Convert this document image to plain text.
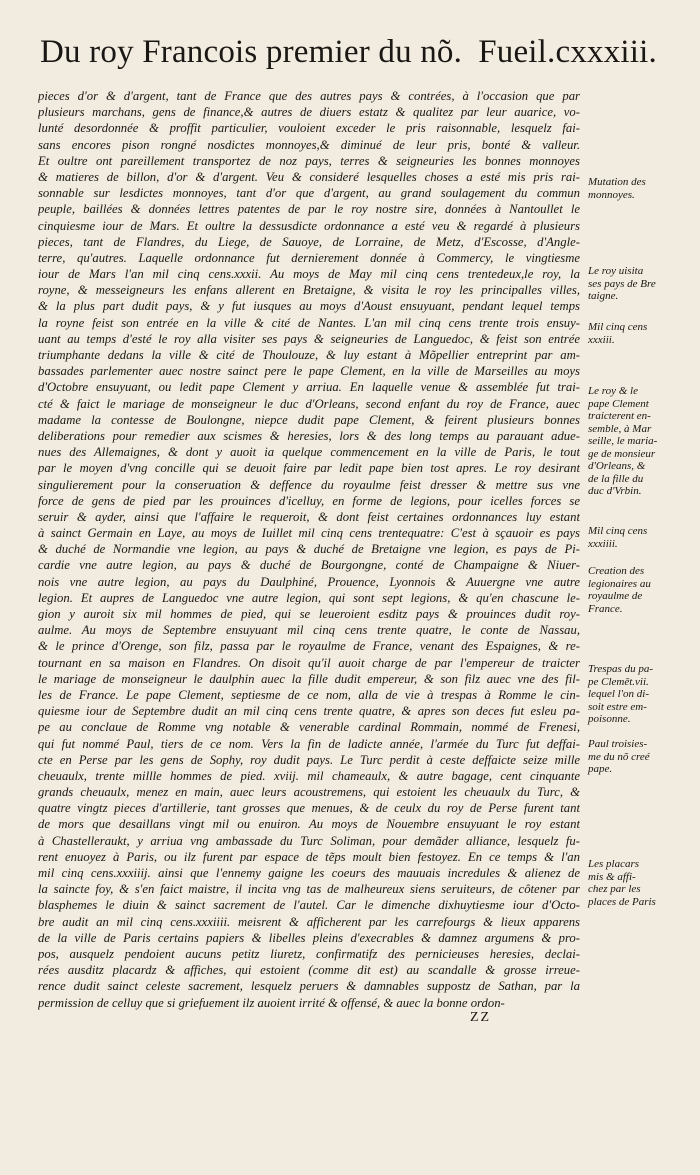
Du roy Francois premier du nõ. Fueil.cxxxiii.
pieces d'or & d'argent, tant de France que des autres pays & contrées, à l'occasion que par
plusieurs marchans, gens de finance,& autres de diuers estatz & qualitez par leur auarice, vo-
lunté desordonnée & proffit particulier, vouloient exceder le pris raisonnable, lesquelz fai-
sans encores pison rongné nosdictes monnoyes,& diminué de leur pris, bonté & valleur.
Et oultre ont pareillement transportez de noz pays, terres & seigneuries les bonnes monnoyes
& matieres de billon, d'or & d'argent. Veu & consideré lesquelles choses a esté mis pris rai-
sonnable sur lesdictes monnoyes, tant d'or que d'argent, au grand soulagement du commun
peuple, baillées & données lettres patentes de par le roy nostre sire, données à Nantoullet le
cinquiesme iour de Mars. Et oultre la dessusdicte ordonnance a esté veu & regardé à plusieurs
pieces, tant de Flandres, du Liege, de Sauoye, de Lorraine, de Metz, d'Escosse, d'Angle-
terre, qu'autres. Laquelle ordonnance fut dernierement donnée à Commercy, le vingtiesme
iour de Mars l'an mil cinq cens.xxxii. Au moys de May mil cinq cens trentedeux,le roy, la
royne, & messeigneurs les enfans allerent en Bretaigne, & visita le roy les principalles villes,
& la plus part dudit pays, & y fut iusques au moys d'Aoust ensuyuant, pendant lequel temps
la royne feist son entrée en la ville & cité de Nantes. L'an mil cinq cens trente trois ensuy-
uant au temps d'esté le roy alla visiter ses pays & seigneuries de Languedoc, & feist son entrée
triumphante dedans la ville & cité de Thoulouze, & luy estant à Mõpellier entreprint par am-
bassades parlementer auec nostre sainct pere le pape Clement, en la ville de Marseilles au moys
d'Octobre ensuyuant, ou ledit pape Clement y arriua. En laquelle venue & assemblée fut trai-
cté & faict le mariage de monseigneur le duc d'Orleans, second enfant du roy de France, auec
madame la contesse de Boulongne, niepce dudit pape Clement, & feirent plusieurs bonnes
deliberations pour remedier aux scismes & heresies, lors & des long temps au parauant adue-
nues des Allemaignes, & dont y auoit ia quelque commencement en la ville de Paris, le tout
par le moyen d'vng concille qui se deuoit faire par ledit pape bien tost apres. Le roy desirant
singulierement pour la conseruation & deffence du royaulme feist dresser & mettre sus vne
force de gens de pied par les prouinces d'icelluy, en forme de legions, pour icelles forces se
seruir & ayder, ainsi que l'affaire le requeroit, & dont feist certaines ordonnances luy estant
à sainct Germain en Laye, au moys de Iuillet mil cinq cens trentequatre: C'est à sçauoir es pays
& duché de Normandie vne legion, au pays & duché de Bretaigne vne legion, es pays de Pi-
cardie vne autre legion, au pays & duché de Bourgongne, conté de Champaigne & Niuer-
nois vne autre legion, au pays du Daulphiné, Prouence, Lyonnois & Auuergne vne autre
legion. Et aupres de Languedoc vne autre legion, qui sont sept legions, & qu'en chascune le-
gion y auroit six mil hommes de pied, qui se leueroient esditz pays & prouinces dudit roy-
aulme. Au moys de Septembre ensuyuant mil cinq cens trente quatre, le conte de Nassau,
& le prince d'Orenge, son filz, passa par le royaulme de France, venant des Espaignes, & re-
tournant en sa maison en Flandres. On disoit qu'il auoit charge de par l'empereur de traicter
le mariage de monseigneur le daulphin auec la fille dudit empereur, & son filz auec vne des fil-
les de France. Le pape Clement, septiesme de ce nom, alla de vie à trespas à Romme le cin-
quiesme iour de Septembre dudit an mil cinq cens trente quatre, & apres son deces fut esleu pa-
pe au conclaue de Romme vng notable & venerable cardinal Rommain, nommé de Frenesi,
qui fut nommé Paul, tiers de ce nom. Vers la fin de ladicte année, l'armée du Turc fut deffai-
cte en Perse par les gens de Sophy, roy dudit pays. Le Turc perdit à ceste deffaicte seize mille
cheuaulx, trente millle hommes de pied. xviij. mil chameaulx, & autre bagage, cent cinquante
grands cheuaulx, menez en main, auec leurs acoustremens, qui estoient les cheuaulx du Turc, &
quatre vingtz pieces d'artillerie, tant grosses que menues, & de ceulx du roy de Perse furent tant
de mors que desaillans vingt mil ou enuiron. Au moys de Nouembre ensuyuant le roy estant
à Chastelleraukt, y arriua vng ambassade du Turc Soliman, pour demãder alliance, lesquelz fu-
rent enuoyez à Paris, ou ilz furent par espace de tẽps moult bien festoyez. En ce temps & l'an
mil cinq cens.xxxiiij. ainsi que l'ennemy gaigne les coeurs des mauuais incredules & alienez de
la saincte foy, & s'en faict maistre, il incita vng tas de malheureux siens seruiteurs, de côtener par
blasphemes le diuin & sainct sacrement de l'autel. Car le dimenche dixhuytiesme iour d'Octo-
bre audit an mil cinq cens.xxxiiii. meisrent & afficherent par les carrefourgs & lieux apparens
de la ville de Paris certains papiers & libelles pleins d'execrables & damnez argumens & pro-
pos, ausquelz pendoient aucuns petitz liuretz, confirmatifz des pernicieuses heresies, declai-
rées ausditz placardz & affiches, qui estoient (comme dit est) au scandalle & grosse irreue-
rence dudit sainct celeste sacrement, lesquelz peruers & damnables suppostz de Sathan, par la
permission de celluy que si griefuement ilz auoient irrité & offensé, & auec la bonne ordon-
Mutation des
monnoyes.
Le roy uisita
ses pays de Bre
taigne.
Mil cinq cens
xxxiii.
Le roy & le
pape Clement
traicterent en-
semble, à Mar
seille, le maria-
ge de monsieur
d'Orleans, &
de la fille du
duc d'Vrbin.
Mil cinq cens
xxxiiii.
Creation des
legionaires au
royaulme de
France.
Trespas du pa-
pe Clemēt.vii.
lequel l'on di-
soit estre em-
poisonne.
Paul troisies-
me du nõ creé
pape.
Les placars
mis & affi-
chez par les
places de Paris
ZZ
